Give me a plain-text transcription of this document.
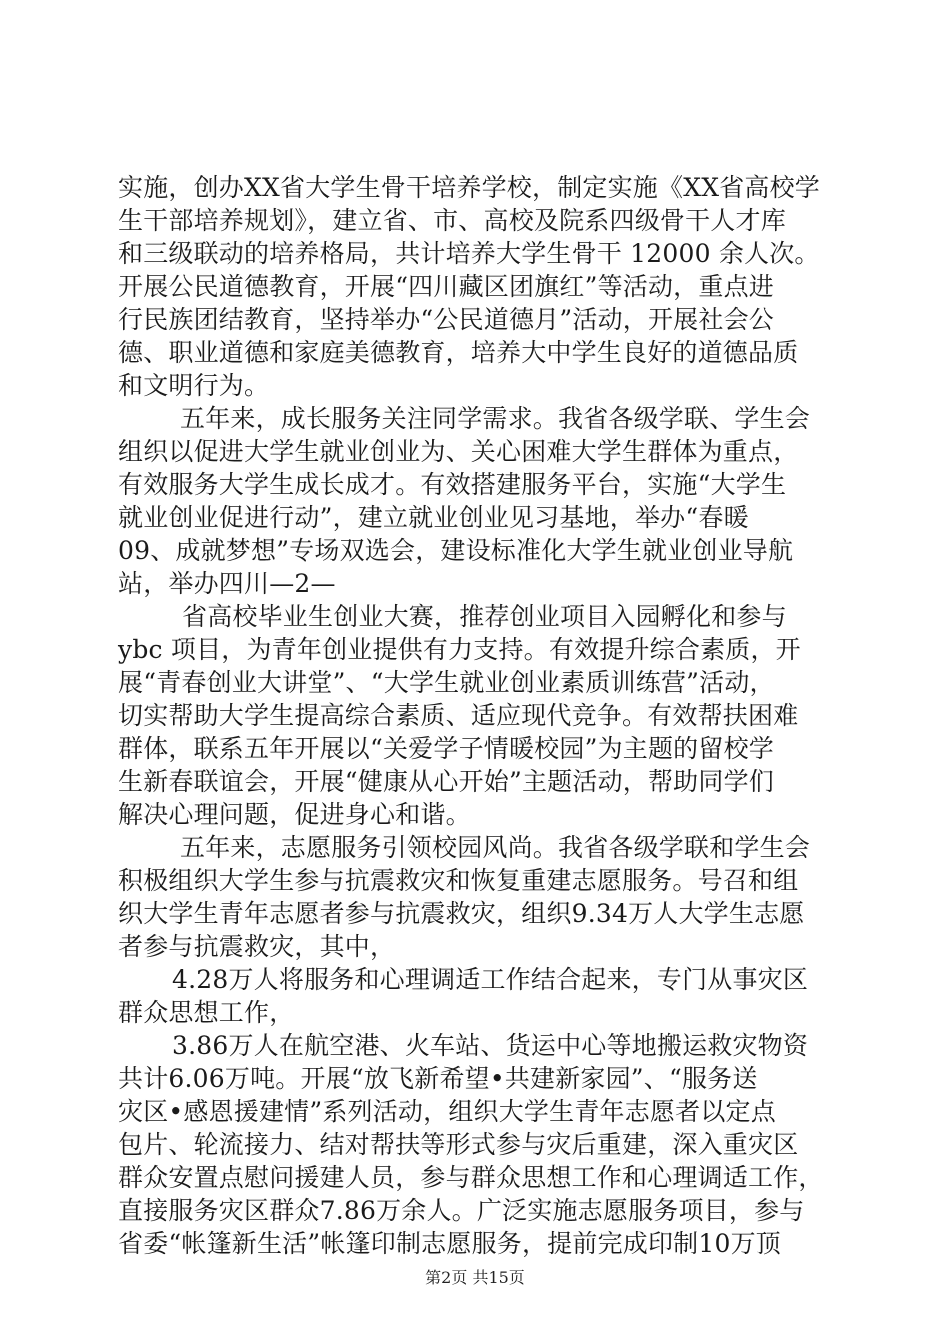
实施，创办XX省大学生骨干培养学校，制定实施《XX省高校学
生干部培养规划》，建立省、市、高校及院系四级骨干人才库
和三级联动的培养格局，共计培养大学生骨干 12000 余人次。
开展公民道德教育，开展“四川藏区团旗红”等活动，重点进
行民族团结教育，坚持举办“公民道德月”活动，开展社会公
德、职业道德和家庭美德教育，培养大中学生良好的道德品质
和文明行为。
五年来，成长服务关注同学需求。我省各级学联、学生会
组织以促进大学生就业创业为、关心困难大学生群体为重点，
有效服务大学生成长成才。有效搭建服务平台，实施“大学生
就业创业促进行动”，建立就业创业见习基地，举办“春暖
09、成就梦想”专场双选会，建设标准化大学生就业创业导航
站，举办四川—2—
省高校毕业生创业大赛，推荐创业项目入园孵化和参与
ybc 项目，为青年创业提供有力支持。有效提升综合素质，开
展“青春创业大讲堂”、“大学生就业创业素质训练营”活动，
切实帮助大学生提高综合素质、适应现代竞争。有效帮扶困难
群体，联系五年开展以“关爱学子情暖校园”为主题的留校学
生新春联谊会，开展“健康从心开始”主题活动，帮助同学们
解决心理问题，促进身心和谐。
五年来，志愿服务引领校园风尚。我省各级学联和学生会
积极组织大学生参与抗震救灾和恢复重建志愿服务。号召和组
织大学生青年志愿者参与抗震救灾，组织9.34万人大学生志愿
者参与抗震救灾，其中，
4.28万人将服务和心理调适工作结合起来，专门从事灾区
群众思想工作，
3.86万人在航空港、火车站、货运中心等地搬运救灾物资
共计6.06万吨。开展“放飞新希望•共建新家园”、“服务送
灾区•感恩援建情”系列活动，组织大学生青年志愿者以定点
包片、轮流接力、结对帮扶等形式参与灾后重建，深入重灾区
群众安置点慰问援建人员，参与群众思想工作和心理调适工作，
直接服务灾区群众7.86万余人。广泛实施志愿服务项目，参与
省委“帐篷新生活”帐篷印制志愿服务，提前完成印制10万顶
第2页 共15页
